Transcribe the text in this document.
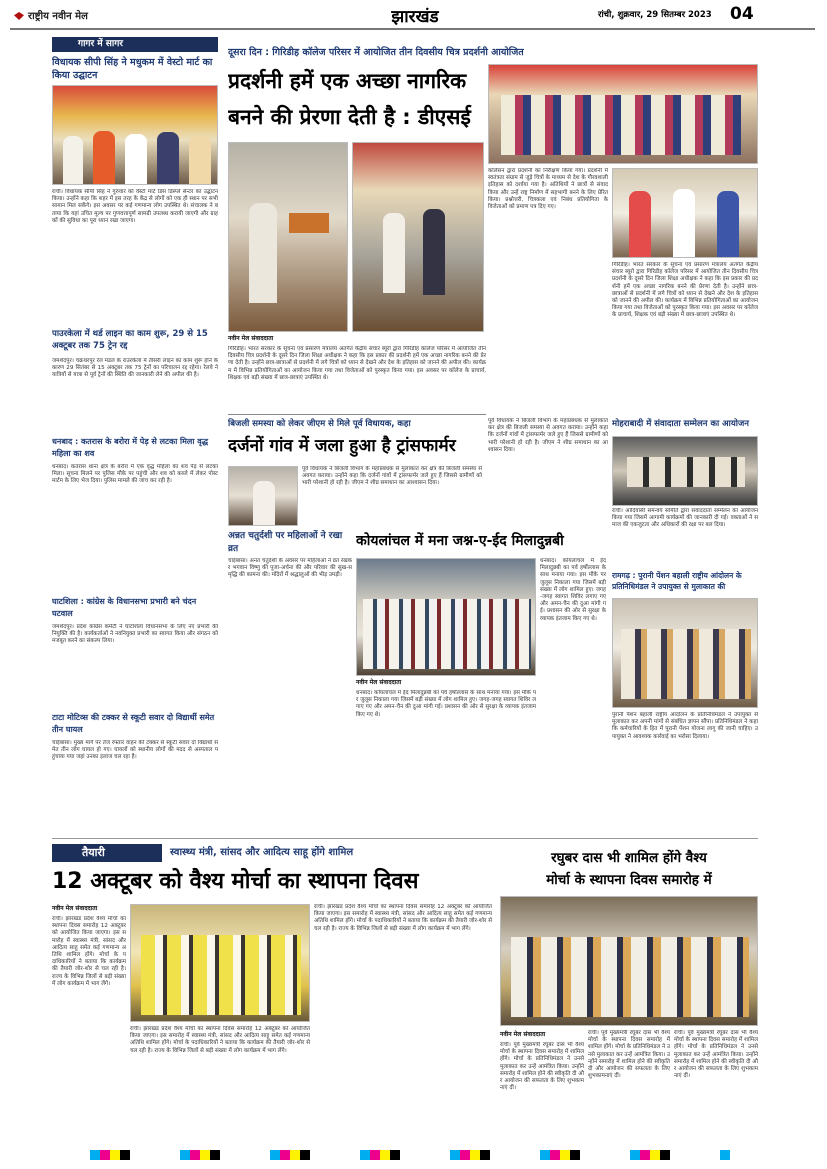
राष्ट्रीय नवीन मेल	झारखंड	रांची, शुक्रवार, 29 सितम्बर 2023	04
गागर में सागर
विधायक सीपी सिंह ने मधुकम में वेस्टो मार्ट का किया उद्घाटन
रांची। विधायक सीपी सिंह ने गुरुवार को वेस्टो मार्ट डिस डिस्प्ले सेन्टर का उद्घाटन किया। उन्होंने कहा कि शहर में इस तरह के केंद्र से लोगों को एक ही स्थान पर सभी सामान मिल सकेंगे। इस अवसर पर कई गणमान्य लोग उपस्थित थे। संचालक ने बताया कि यहां उचित मूल्य पर गुणवत्तापूर्ण सामग्री उपलब्ध करायी जाएगी और ग्राहकों की सुविधा का पूरा ध्यान रखा जाएगा।
पाउरकेला में थर्ड लाइन का काम शुरू, 29 से 15 अक्टूबर तक 75 ट्रेन रद्द
जमशेदपुर। चक्रधरपुर रेल मंडल के राउरकेला में तीसरी लाइन का काम शुरू होने के कारण 29 सितंबर से 15 अक्टूबर तक 75 ट्रेनों का परिचालन रद्द रहेगा। रेलवे ने यात्रियों से यात्रा से पूर्व ट्रेनों की स्थिति की जानकारी लेने की अपील की है।
धनबाद : कतरास के बरोरा में पेड़ से लटका मिला वृद्ध महिला का शव
धनबाद। कतरास थाना क्षेत्र के बरोरा में एक वृद्ध महिला का शव पेड़ से लटका मिला। सूचना मिलने पर पुलिस मौके पर पहुंची और शव को कब्जे में लेकर पोस्टमार्टम के लिए भेज दिया। पुलिस मामले की जांच कर रही है।
घाटशिला : कांग्रेस के विधानसभा प्रभारी बने चंदन घटवाल
जमशेदपुर। प्रदेश कांग्रेस कमेटी ने घाटशिला विधानसभा के लिए नए प्रभारी की नियुक्ति की है। कार्यकर्ताओं ने नवनियुक्त प्रभारी का स्वागत किया और संगठन को मजबूत करने का संकल्प लिया।
टाटा मोटिव्स की टक्कर से स्कूटी सवार दो विद्यार्थी समेत तीन घायल
चाईबासा। मुख्य मार्ग पर तेज रफ्तार वाहन की टक्कर से स्कूटी सवार दो विद्यार्थी समेत तीन लोग घायल हो गए। घायलों को स्थानीय लोगों की मदद से अस्पताल पहुंचाया गया जहां उनका इलाज चल रहा है।
दूसरा दिन : गिरिडीह कॉलेज परिसर में आयोजित तीन दिवसीय चित्र प्रदर्शनी आयोजित
प्रदर्शनी हमें एक अच्छा नागरिक
बनने की प्रेरणा देती है : डीएसई
नवीन मेल संवाददाता
गिरिडीह। भारत सरकार के सूचना एवं प्रसारण मंत्रालय अंतर्गत केंद्रीय संचार ब्यूरो द्वारा गिरिडीह कॉलेज परिसर में आयोजित तीन दिवसीय चित्र प्रदर्शनी के दूसरे दिन जिला शिक्षा अधीक्षक ने कहा कि इस प्रकार की प्रदर्शनी हमें एक अच्छा नागरिक बनने की प्रेरणा देती है। उन्होंने छात्र-छात्राओं से प्रदर्शनी में लगे चित्रों को ध्यान से देखने और देश के इतिहास को जानने की अपील की। कार्यक्रम में विभिन्न प्रतियोगिताओं का आयोजन किया गया तथा विजेताओं को पुरस्कृत किया गया। इस अवसर पर कॉलेज के प्राचार्य, शिक्षक एवं बड़ी संख्या में छात्र-छात्राएं उपस्थित थे।
कोलेसन द्वारा प्रदर्शनी का निरीक्षण किया गया। प्रदर्शनी में स्वतंत्रता संग्राम से जुड़े चित्रों के माध्यम से देश के गौरवशाली इतिहास को दर्शाया गया है। अतिथियों ने छात्रों से संवाद किया और उन्हें राष्ट्र निर्माण में सहभागी बनने के लिए प्रेरित किया। प्रश्नोत्तरी, चित्रकला एवं निबंध प्रतियोगिता के विजेताओं को प्रमाण पत्र दिए गए।
गिरिडीह। भारत सरकार के सूचना एवं प्रसारण मंत्रालय अंतर्गत केंद्रीय संचार ब्यूरो द्वारा गिरिडीह कॉलेज परिसर में आयोजित तीन दिवसीय चित्र प्रदर्शनी के दूसरे दिन जिला शिक्षा अधीक्षक ने कहा कि इस प्रकार की प्रदर्शनी हमें एक अच्छा नागरिक बनने की प्रेरणा देती है। उन्होंने छात्र-छात्राओं से प्रदर्शनी में लगे चित्रों को ध्यान से देखने और देश के इतिहास को जानने की अपील की। कार्यक्रम में विभिन्न प्रतियोगिताओं का आयोजन किया गया तथा विजेताओं को पुरस्कृत किया गया। इस अवसर पर कॉलेज के प्राचार्य, शिक्षक एवं बड़ी संख्या में छात्र-छात्राएं उपस्थित थे।
बिजली समस्या को लेकर जीएम से मिले पूर्व विधायक, कहा
दर्जनों गांव में जला हुआ है ट्रांसफार्मर
पूर्व विधायक ने बिजली विभाग के महाप्रबंधक से मुलाकात कर क्षेत्र की बिजली समस्या से अवगत कराया। उन्होंने कहा कि दर्जनों गांवों में ट्रांसफार्मर जले हुए हैं जिससे ग्रामीणों को भारी परेशानी हो रही है। जीएम ने शीघ्र समाधान का आश्वासन दिया।
पूर्व विधायक ने बिजली विभाग के महाप्रबंधक से मुलाकात कर क्षेत्र की बिजली समस्या से अवगत कराया। उन्होंने कहा कि दर्जनों गांवों में ट्रांसफार्मर जले हुए हैं जिससे ग्रामीणों को भारी परेशानी हो रही है। जीएम ने शीघ्र समाधान का आश्वासन दिया।
मोहराबादी में संवादाता सम्मेलन का आयोजन
रांची। आदिवासी समन्वय समिति द्वारा संवाददाता सम्मेलन का आयोजन किया गया जिसमें आगामी कार्यक्रमों की जानकारी दी गई। वक्ताओं ने समाज की एकजुटता और अधिकारों की रक्षा पर बल दिया।
अन्नत चतुर्दशी पर महिलाओं ने रखा व्रत
चाईबासा। अनंत चतुर्दशी के अवसर पर महिलाओं ने व्रत रखकर भगवान विष्णु की पूजा-अर्चना की और परिवार की सुख-समृद्धि की कामना की। मंदिरों में श्रद्धालुओं की भीड़ उमड़ी।
कोयलांचल में मना जश्न-ए-ईद मिलादुन्नबी
नवीन मेल संवाददाता
धनबाद। कोयलांचल में ईद मिलादुन्नबी का पर्व हर्षोल्लास के साथ मनाया गया। इस मौके पर जुलूस निकाला गया जिसमें बड़ी संख्या में लोग शामिल हुए। जगह-जगह स्वागत शिविर लगाए गए और अमन-चैन की दुआ मांगी गई। प्रशासन की ओर से सुरक्षा के व्यापक इंतजाम किए गए थे।
धनबाद। कोयलांचल में ईद मिलादुन्नबी का पर्व हर्षोल्लास के साथ मनाया गया। इस मौके पर जुलूस निकाला गया जिसमें बड़ी संख्या में लोग शामिल हुए। जगह-जगह स्वागत शिविर लगाए गए और अमन-चैन की दुआ मांगी गई। प्रशासन की ओर से सुरक्षा के व्यापक इंतजाम किए गए थे।
रामगढ़ : पुरानी पेंशन बहाली राष्ट्रीय आंदोलन के प्रतिनिधिमंडल ने उपायुक्त से मुलाकात की
पुरानी पेंशन बहाली राष्ट्रीय आंदोलन के प्रतिनिधिमंडल ने उपायुक्त से मुलाकात कर अपनी मांगों से संबंधित ज्ञापन सौंपा। प्रतिनिधिमंडल ने कहा कि कर्मचारियों के हित में पुरानी पेंशन योजना लागू की जानी चाहिए। उपायुक्त ने आवश्यक कार्रवाई का भरोसा दिलाया।
तैयारी	स्वास्थ्य मंत्री, सांसद और आदित्य साहू होंगे शामिल
12 अक्टूबर को वैश्य मोर्चा का स्थापना दिवस
नवीन मेल संवाददाता
रांची। झारखंड प्रदेश वैश्य मोर्चा का स्थापना दिवस समारोह 12 अक्टूबर को आयोजित किया जाएगा। इस समारोह में स्वास्थ्य मंत्री, सांसद और आदित्य साहू समेत कई गणमान्य अतिथि शामिल होंगे। मोर्चा के पदाधिकारियों ने बताया कि कार्यक्रम की तैयारी जोर-शोर से चल रही है। राज्य के विभिन्न जिलों से बड़ी संख्या में लोग कार्यक्रम में भाग लेंगे।
रांची। झारखंड प्रदेश वैश्य मोर्चा का स्थापना दिवस समारोह 12 अक्टूबर को आयोजित किया जाएगा। इस समारोह में स्वास्थ्य मंत्री, सांसद और आदित्य साहू समेत कई गणमान्य अतिथि शामिल होंगे। मोर्चा के पदाधिकारियों ने बताया कि कार्यक्रम की तैयारी जोर-शोर से चल रही है। राज्य के विभिन्न जिलों से बड़ी संख्या में लोग कार्यक्रम में भाग लेंगे।
रांची। झारखंड प्रदेश वैश्य मोर्चा का स्थापना दिवस समारोह 12 अक्टूबर को आयोजित किया जाएगा। इस समारोह में स्वास्थ्य मंत्री, सांसद और आदित्य साहू समेत कई गणमान्य अतिथि शामिल होंगे। मोर्चा के पदाधिकारियों ने बताया कि कार्यक्रम की तैयारी जोर-शोर से चल रही है। राज्य के विभिन्न जिलों से बड़ी संख्या में लोग कार्यक्रम में भाग लेंगे।
रघुबर दास भी शामिल होंगे वैश्य
मोर्चा के स्थापना दिवस समारोह में
नवीन मेल संवाददाता
रांची। पूर्व मुख्यमंत्री रघुबर दास भी वैश्य मोर्चा के स्थापना दिवस समारोह में शामिल होंगे। मोर्चा के प्रतिनिधिमंडल ने उनसे मुलाकात कर उन्हें आमंत्रित किया। उन्होंने समारोह में शामिल होने की स्वीकृति दी और आयोजन की सफलता के लिए शुभकामनाएं दीं।
रांची। पूर्व मुख्यमंत्री रघुबर दास भी वैश्य मोर्चा के स्थापना दिवस समारोह में शामिल होंगे। मोर्चा के प्रतिनिधिमंडल ने उनसे मुलाकात कर उन्हें आमंत्रित किया। उन्होंने समारोह में शामिल होने की स्वीकृति दी और आयोजन की सफलता के लिए शुभकामनाएं दीं।
रांची। पूर्व मुख्यमंत्री रघुबर दास भी वैश्य मोर्चा के स्थापना दिवस समारोह में शामिल होंगे। मोर्चा के प्रतिनिधिमंडल ने उनसे मुलाकात कर उन्हें आमंत्रित किया। उन्होंने समारोह में शामिल होने की स्वीकृति दी और आयोजन की सफलता के लिए शुभकामनाएं दीं।
